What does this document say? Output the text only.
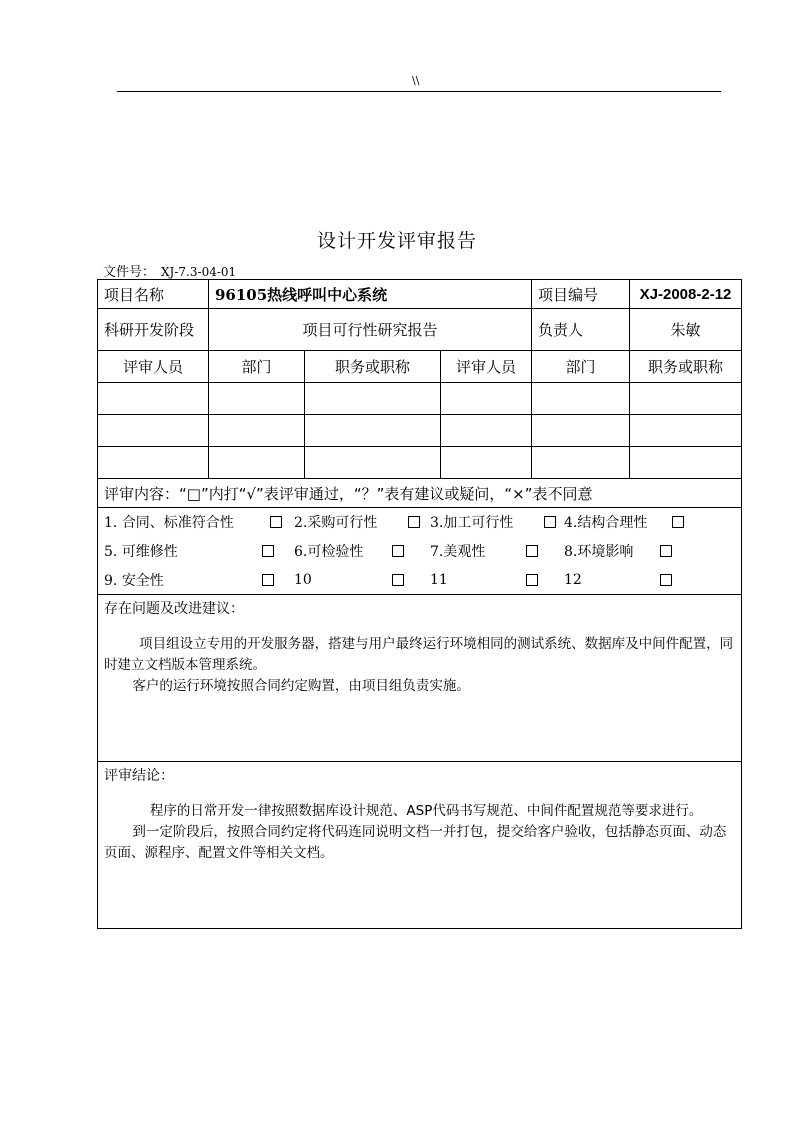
\\
设计开发评审报告
文件号： XJ-7.3-04-01
项目名称	96105热线呼叫中心系统			项目编号	XJ-2008-2-12
科研开发阶段	项目可行性研究报告			负责人	朱敏
评审人员	部门	职务或职称	评审人员	部门	职务或职称

评审内容：“□”内打“√”表评审通过，“？”表有建议或疑问，“×”表不同意					

1. 合同、标准符合性 2.采购可行性 3.加工可行性 4.结构合理性					

5. 可维修性 6.可检验性 7.美观性 8.环境影响					

9. 安全性 10 11 12					

存在问题及改进建议：

项目组设立专用的开发服务器，搭建与用户最终运行环境相同的测试系统、数据库及中间件配置，同时建立文档版本管理系统。

客户的运行环境按照合同约定购置，由项目组负责实施。					

评审结论：

程序的日常开发一律按照数据库设计规范、ASP代码书写规范、中间件配置规范等要求进行。

到一定阶段后，按照合同约定将代码连同说明文档一并打包，提交给客户验收，包括静态页面、动态页面、源程序、配置文件等相关文档。					
